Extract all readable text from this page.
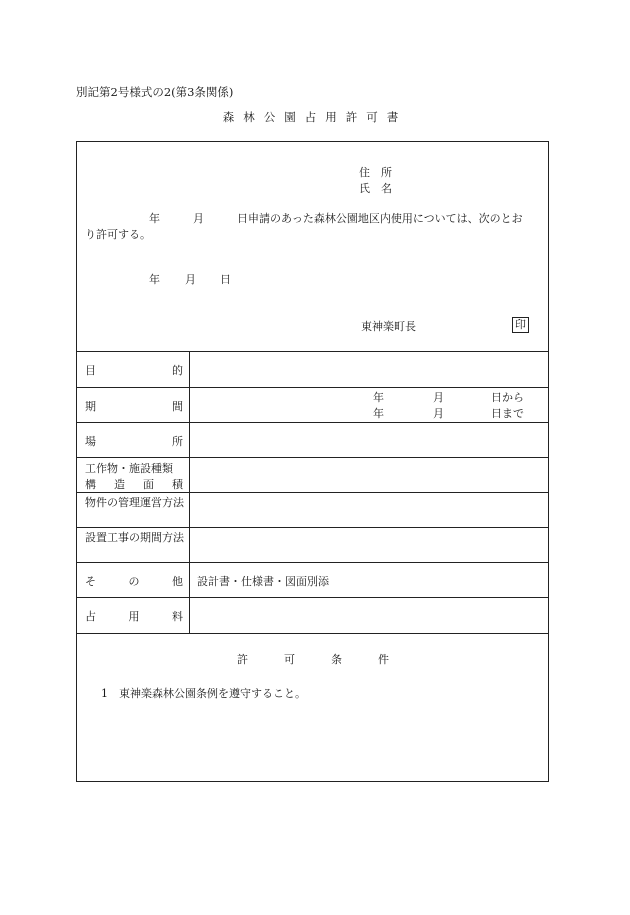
別記第2号様式の2(第3条関係)
森林公園占用許可書
住　所
氏　名
年　　　月　　　日申請のあった森林公園地区内使用については、次のとお
り許可する。
年 月 日
東神楽町長	印
目	的
期	間
年	月	日から
年	月	日まで
場	所
工作物・施設種類
構 造 面 積
物件の管理運営方法
設置工事の期間方法
そ	の	他 設計書・仕様書・図面別添
占	用	料
許	可	条	件
1　東神楽森林公園条例を遵守すること。
